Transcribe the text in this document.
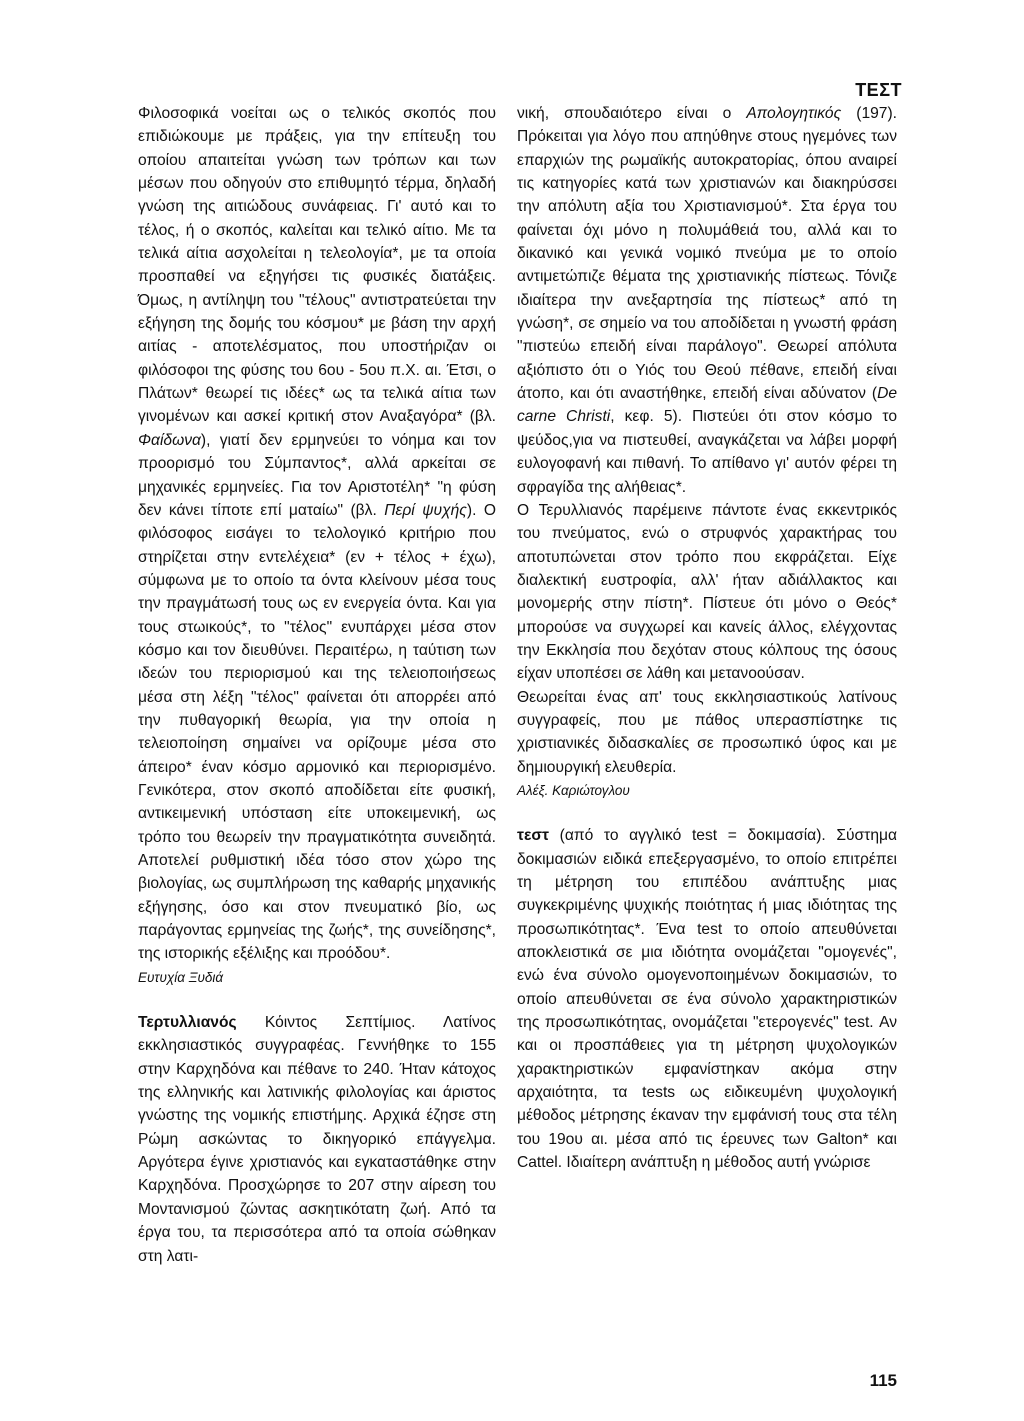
ΤΕΣΤ

Φιλοσοφικά νοείται ως ο τελικός σκοπός που επιδιώκουμε με πράξεις, για την επίτευξη του οποίου απαιτείται γνώση των τρόπων και των μέσων που οδηγούν στο επιθυμητό τέρμα, δηλαδή γνώση της αιτιώδους συνάφειας. Γι' αυτό και το τέλος, ή ο σκοπός, καλείται και τελικό αίτιο. Με τα τελικά αίτια ασχολείται η τελεολογία*, με τα οποία προσπαθεί να εξηγήσει τις φυσικές διατάξεις. Όμως, η αντίληψη του "τέλους" αντιστρατεύεται την εξήγηση της δομής του κόσμου* με βάση την αρχή αιτίας - αποτελέσματος, που υποστήριζαν οι φιλόσοφοι της φύσης του 6ου - 5ου π.Χ. αι. Έτσι, ο Πλάτων* θεωρεί τις ιδέες* ως τα τελικά αίτια των γινομένων και ασκεί κριτική στον Αναξαγόρα* (βλ. Φαίδωνα), γιατί δεν ερμηνεύει το νόημα και τον προορισμό του Σύμπαντος*, αλλά αρκείται σε μηχανικές ερμηνείες. Για τον Αριστοτέλη* "η φύση δεν κάνει τίποτε επί ματαίω" (βλ. Περί ψυχής). Ο φιλόσοφος εισάγει το τελολογικό κριτήριο που στηρίζεται στην εντελέχεια* (εν + τέλος + έχω), σύμφωνα με το οποίο τα όντα κλείνουν μέσα τους την πραγμάτωσή τους ως εν ενεργεία όντα. Και για τους στωικούς*, το "τέλος" ενυπάρχει μέσα στον κόσμο και τον διευθύνει. Περαιτέρω, η ταύτιση των ιδεών του περιορισμού και της τελειοποιήσεως μέσα στη λέξη "τέλος" φαίνεται ότι απορρέει από την πυθαγορική θεωρία, για την οποία η τελειοποίηση σημαίνει να ορίζουμε μέσα στο άπειρο* έναν κόσμο αρμονικό και περιορισμένο. Γενικότερα, στον σκοπό αποδίδεται είτε φυσική, αντικειμενική υπόσταση είτε υποκειμενική, ως τρόπο του θεωρείν την πραγματικότητα συνειδητά. Αποτελεί ρυθμιστική ιδέα τόσο στον χώρο της βιολογίας, ως συμπλήρωση της καθαρής μηχανικής εξήγησης, όσο και στον πνευματικό βίο, ως παράγοντας ερμηνείας της ζωής*, της συνείδησης*, της ιστορικής εξέλιξης και προόδου*.

Ευτυχία Ξυδιά

Τερτυλλιανός Κόιντος Σεπτίμιος. Λατίνος εκκλησιαστικός συγγραφέας. Γεννήθηκε το 155 στην Καρχηδόνα και πέθανε το 240. Ήταν κάτοχος της ελληνικής και λατινικής φιλολογίας και άριστος γνώστης της νομικής επιστήμης. Αρχικά έζησε στη Ρώμη ασκώντας το δικηγορικό επάγγελμα. Αργότερα έγινε χριστιανός και εγκαταστάθηκε στην Καρχηδόνα. Προσχώρησε το 207 στην αίρεση του Μοντανισμού ζώντας ασκητικότατη ζωή. Από τα έργα του, τα περισσότερα από τα οποία σώθηκαν στη λατι-

νική, σπουδαιότερο είναι ο Απολογητικός (197). Πρόκειται για λόγο που απηύθηνε στους ηγεμόνες των επαρχιών της ρωμαϊκής αυτοκρατορίας, όπου αναιρεί τις κατηγορίες κατά των χριστιανών και διακηρύσσει την απόλυτη αξία του Χριστιανισμού*. Στα έργα του φαίνεται όχι μόνο η πολυμάθειά του, αλλά και το δικανικό και γενικά νομικό πνεύμα με το οποίο αντιμετώπιζε θέματα της χριστιανικής πίστεως. Τόνιζε ιδιαίτερα την ανεξαρτησία της πίστεως* από τη γνώση*, σε σημείο να του αποδίδεται η γνωστή φράση "πιστεύω επειδή είναι παράλογο". Θεωρεί απόλυτα αξιόπιστο ότι ο Υιός του Θεού πέθανε, επειδή είναι άτοπο, και ότι αναστήθηκε, επειδή είναι αδύνατον (De carne Christi, κεφ. 5). Πιστεύει ότι στον κόσμο το ψεύδος,για να πιστευθεί, αναγκάζεται να λάβει μορφή ευλογοφανή και πιθανή. Το απίθανο γι' αυτόν φέρει τη σφραγίδα της αλήθειας*.

Ο Τερυλλιανός παρέμεινε πάντοτε ένας εκκεντρικός του πνεύματος, ενώ ο στρυφνός χαρακτήρας του αποτυπώνεται στον τρόπο που εκφράζεται. Είχε διαλεκτική ευστροφία, αλλ' ήταν αδιάλλακτος και μονομερής στην πίστη*. Πίστευε ότι μόνο ο Θεός* μπορούσε να συγχωρεί και κανείς άλλος, ελέγχοντας την Εκκλησία που δεχόταν στους κόλπους της όσους είχαν υποπέσει σε λάθη και μετανοούσαν.

Θεωρείται ένας απ' τους εκκλησιαστικούς λατίνους συγγραφείς, που με πάθος υπερασπίστηκε τις χριστιανικές διδασκαλίες σε προσωπικό ύφος και με δημιουργική ελευθερία.

Αλέξ. Καριώτογλου

τεστ (από το αγγλικό test = δοκιμασία). Σύστημα δοκιμασιών ειδικά επεξεργασμένο, το οποίο επιτρέπει τη μέτρηση του επιπέδου ανάπτυξης μιας συγκεκριμένης ψυχικής ποιότητας ή μιας ιδιότητας της προσωπικότητας*. Ένα test το οποίο απευθύνεται αποκλειστικά σε μια ιδιότητα ονομάζεται "ομογενές", ενώ ένα σύνολο ομογενοποιημένων δοκιμασιών, το οποίο απευθύνεται σε ένα σύνολο χαρακτηριστικών της προσωπικότητας, ονομάζεται "ετερογενές" test. Αν και οι προσπάθειες για τη μέτρηση ψυχολογικών χαρακτηριστικών εμφανίστηκαν ακόμα στην αρχαιότητα, τα tests ως ειδικευμένη ψυχολογική μέθοδος μέτρησης έκαναν την εμφάνισή τους στα τέλη του 19ου αι. μέσα από τις έρευνες των Galton* και Cattel. Ιδιαίτερη ανάπτυξη η μέθοδος αυτή γνώρισε

115
